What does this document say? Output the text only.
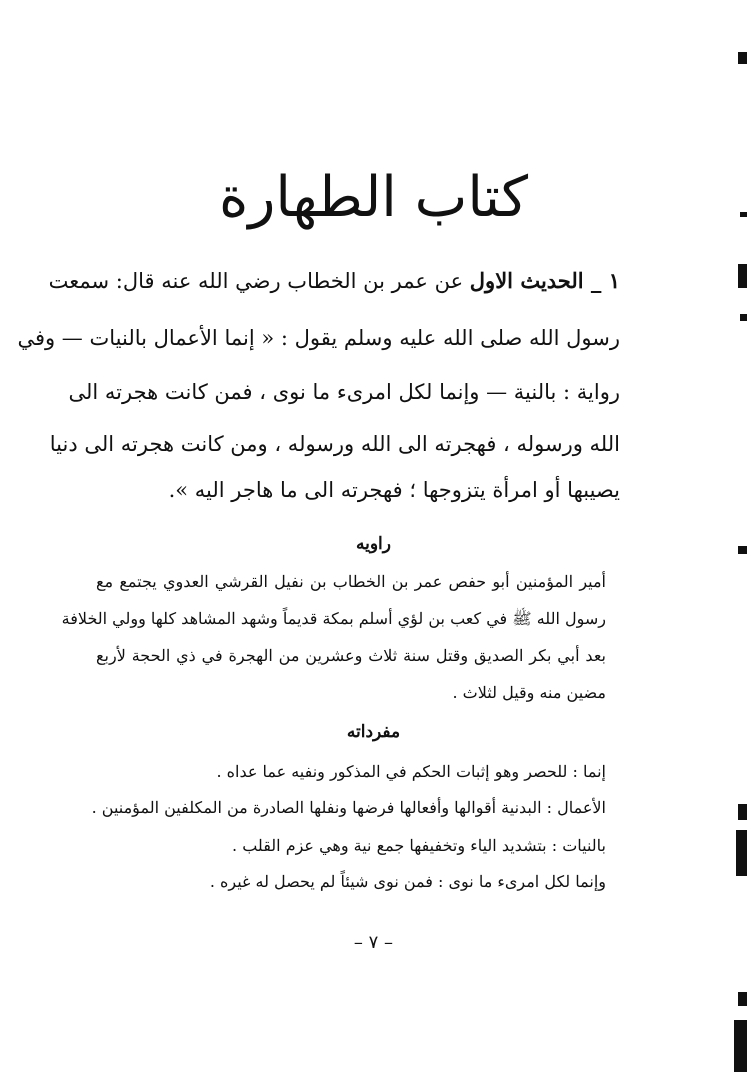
كتاب الطهارة
١ _ الحديث الاول عن عمر بن الخطاب رضي الله عنه قال: سمعت
رسول الله صلى الله عليه وسلم يقول : « إنما الأعمال بالنيات — وفي
رواية : بالنية — وإنما لكل امرىء ما نوى ، فمن كانت هجرته الى
الله ورسوله ، فهجرته الى الله ورسوله ، ومن كانت هجرته الى دنيا
يصيبها أو امرأة يتزوجها ؛ فهجرته الى ما هاجر اليه ».
راويه
أمير المؤمنين أبو حفص عمر بن الخطاب بن نفيل القرشي العدوي يجتمع مع
رسول الله ﷺ في كعب بن لؤي أسلم بمكة قديماً وشهد المشاهد كلها وولي الخلافة
بعد أبي بكر الصديق وقتل سنة ثلاث وعشرين من الهجرة في ذي الحجة لأربع
مضين منه وقيل لثلاث .
مفرداته
إنما : للحصر وهو إثبات الحكم في المذكور ونفيه عما عداه .
الأعمال : البدنية أقوالها وأفعالها فرضها ونفلها الصادرة من المكلفين المؤمنين .
بالنيات : بتشديد الياء وتخفيفها جمع نية وهي عزم القلب .
وإنما لكل امرىء ما نوى : فمن نوى شيئاً لم يحصل له غيره .
– ٧ –
